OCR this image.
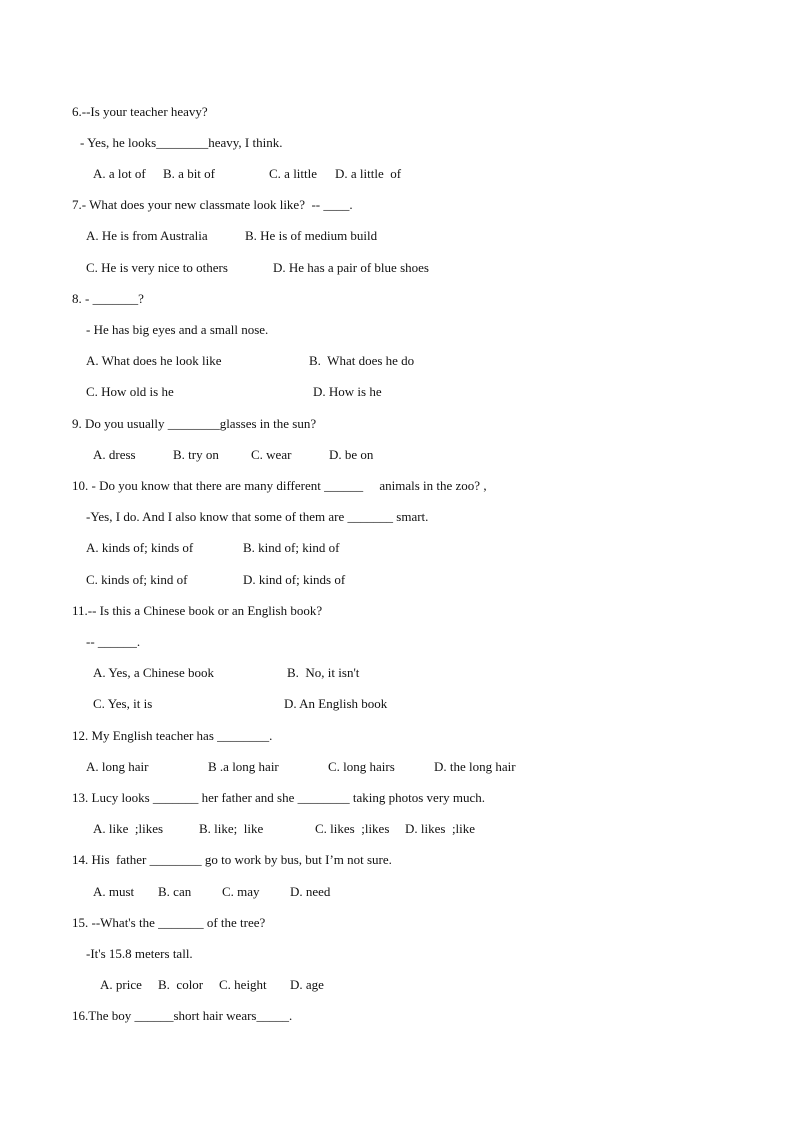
6.--Is your teacher heavy?
- Yes, he looks________heavy, I think.
A. a lot of B. a bit of	C. a little D. a little  of
7.- What does your new classmate look like?  -- ____.
A. He is from Australia	B. He is of medium build
C. He is very nice to others	D. He has a pair of blue shoes
8. - _______?
- He has big eyes and a small nose.
A. What does he look like	B.  What does he do
C. How old is he	D. How is he
9. Do you usually ________glasses in the sun?
A. dress	B. try on C. wear	D. be on
10. - Do you know that there are many different ______     animals in the zoo? ,
-Yes, I do. And I also know that some of them are _______ smart.
A. kinds of; kinds of	B. kind of; kind of
C. kinds of; kind of	D. kind of; kinds of
11.-- Is this a Chinese book or an English book?
-- ______.
A. Yes, a Chinese book	B.  No, it isn't
C. Yes, it is	D. An English book
12. My English teacher has ________.
A. long hair	B .a long hair	C. long hairs	D. the long hair
13. Lucy looks _______ her father and she ________ taking photos very much.
A. like  ;likes	B. like;  like	C. likes  ;likes D. likes  ;like
14. His  father ________ go to work by bus, but I’m not sure.
A. must B. can C. may D. need
15. --What's the _______ of the tree?
-It's 15.8 meters tall.
A. price B.  color C. height D. age
16.The boy ______short hair wears_____.
